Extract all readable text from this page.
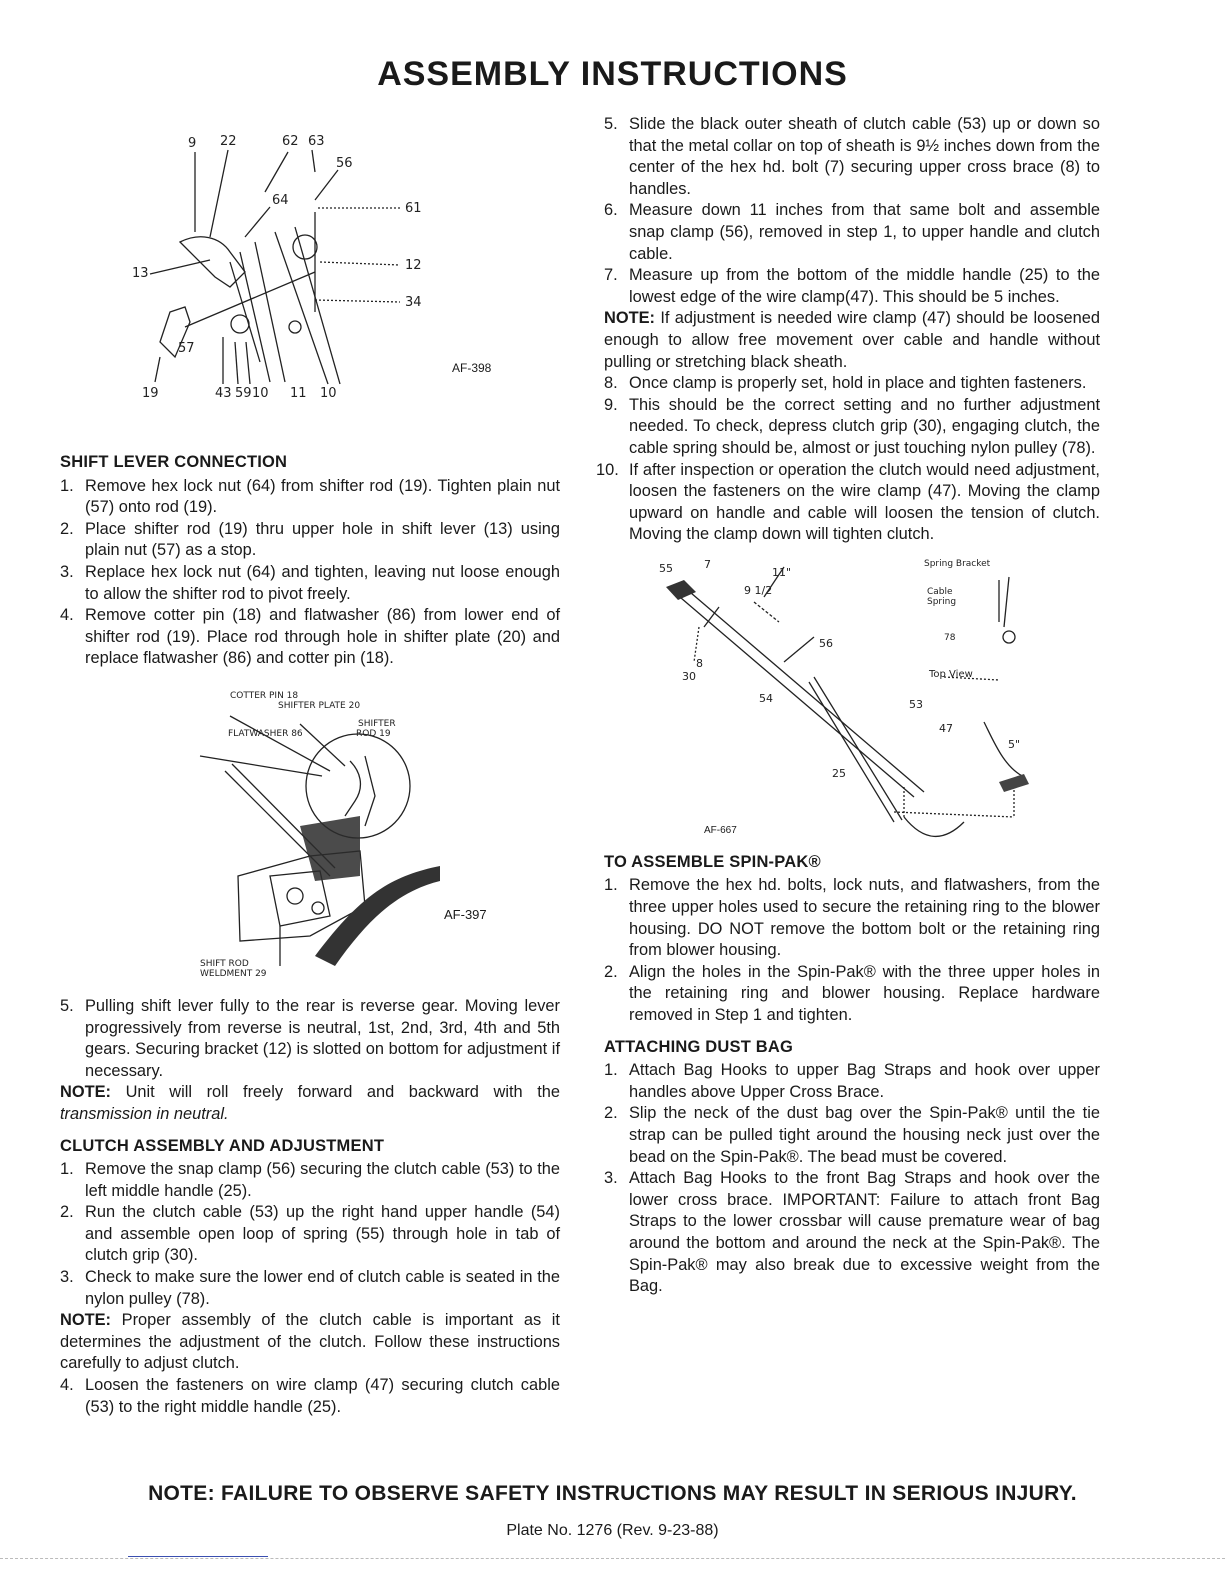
ASSEMBLY INSTRUCTIONS
9 22	62 63
56
64
61
13
12
34
57
19	43 59 10 11 10
AF-398
SHIFT LEVER CONNECTION
1. Remove hex lock nut (64) from shifter rod (19). Tighten plain nut (57) onto rod (19).
2. Place shifter rod (19) thru upper hole in shift lever (13) using plain nut (57) as a stop.
3. Replace hex lock nut (64) and tighten, leaving nut loose enough to allow the shifter rod to pivot freely.
4. Remove cotter pin (18) and flatwasher (86) from lower end of shifter rod (19). Place rod through hole in shifter plate (20) and replace flatwasher (86) and cotter pin (18).
COTTER PIN 18
SHIFTER PLATE 20
SHIFTER
ROD 19
FLATWASHER 86
SHIFT ROD
WELDMENT 29
AF-397
5. Pulling shift lever fully to the rear is reverse gear. Moving lever progressively from reverse is neutral, 1st, 2nd, 3rd, 4th and 5th gears. Securing bracket (12) is slotted on bottom for adjustment if necessary.

NOTE: Unit will roll freely forward and backward with the transmission in neutral.

CLUTCH ASSEMBLY AND ADJUSTMENT
1. Remove the snap clamp (56) securing the clutch cable (53) to the left middle handle (25).
2. Run the clutch cable (53) up the right hand upper handle (54) and assemble open loop of spring (55) through hole in tab of clutch grip (30).
3. Check to make sure the lower end of clutch cable is seated in the nylon pulley (78).

NOTE: Proper assembly of the clutch cable is important as it determines the adjustment of the clutch. Follow these instructions carefully to adjust clutch.

4. Loosen the fasteners on wire clamp (47) securing clutch cable (53) to the right middle handle (25).
5. Slide the black outer sheath of clutch cable (53) up or down so that the metal collar on top of sheath is 9½ inches down from the center of the hex hd. bolt (7) securing upper cross brace (8) to handles.
6. Measure down 11 inches from that same bolt and assemble snap clamp (56), removed in step 1, to upper handle and clutch cable.
7. Measure up from the bottom of the middle handle (25) to the lowest edge of the wire clamp(47). This should be 5 inches.

NOTE: If adjustment is needed wire clamp (47) should be loosened enough to allow free movement over cable and handle without pulling or stretching black sheath.

8. Once clamp is properly set, hold in place and tighten fasteners.
9. This should be the correct setting and no further adjustment needed. To check, depress clutch grip (30), engaging clutch, the cable spring should be, almost or just touching nylon pulley (78).
10. If after inspection or operation the clutch would need adjustment, loosen the fasteners on the wire clamp (47). Moving the clamp upward on handle and cable will loosen the tension of clutch. Moving the clamp down will tighten clutch.
55	7
11"
9 1/2
56
8
30
54
25
53
47
5"
Spring Bracket
Cable
Spring
78
Top View
AF-667
TO ASSEMBLE SPIN-PAK®
1. Remove the hex hd. bolts, lock nuts, and flatwashers, from the three upper holes used to secure the retaining ring to the blower housing. DO NOT remove the bottom bolt or the retaining ring from blower housing.
2. Align the holes in the Spin-Pak® with the three upper holes in the retaining ring and blower housing. Replace hardware removed in Step 1 and tighten.
ATTACHING DUST BAG
1. Attach Bag Hooks to upper Bag Straps and hook over upper handles above Upper Cross Brace.
2. Slip the neck of the dust bag over the Spin-Pak® until the tie strap can be pulled tight around the housing neck just over the bead on the Spin-Pak®. The bead must be covered.
3. Attach Bag Hooks to the front Bag Straps and hook over the lower cross brace. IMPORTANT: Failure to attach front Bag Straps to the lower crossbar will cause premature wear of bag around the bottom and around the neck at the Spin-Pak®. The Spin-Pak® may also break due to excessive weight from the Bag.
NOTE: FAILURE TO OBSERVE SAFETY INSTRUCTIONS MAY RESULT IN SERIOUS INJURY.
Plate No. 1276 (Rev. 9-23-88)
